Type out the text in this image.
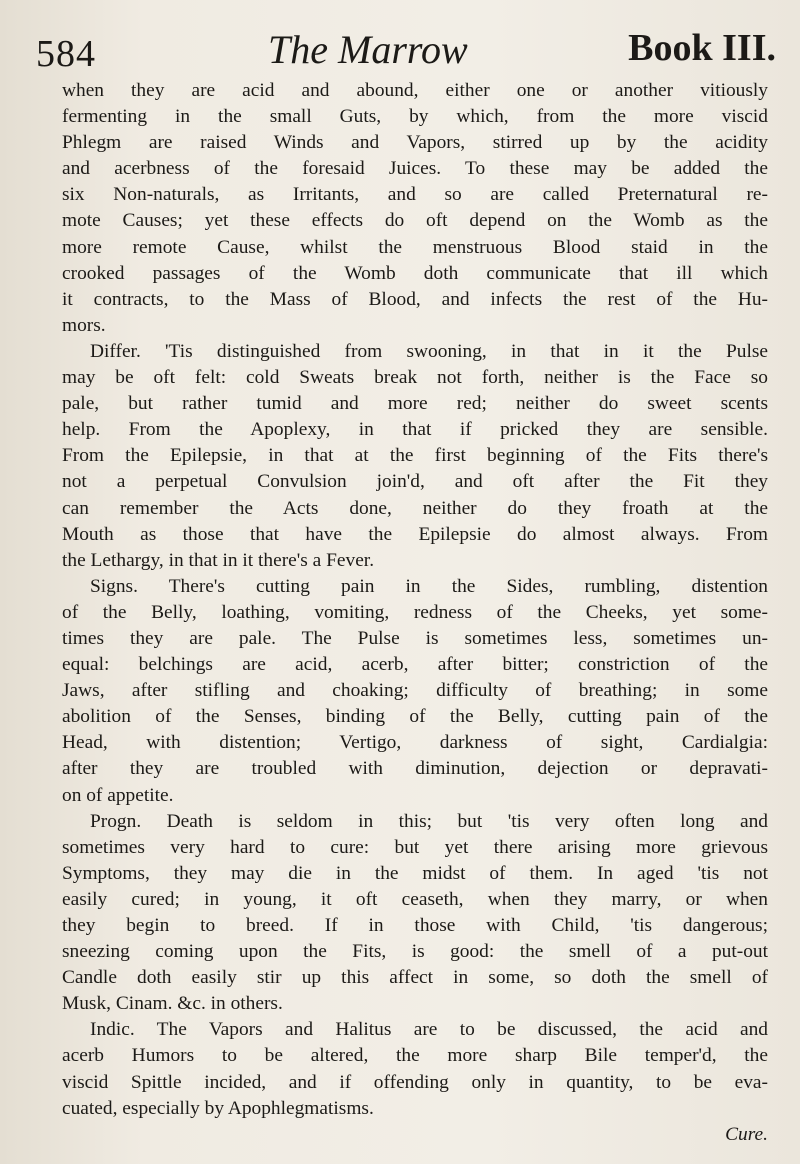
584	The Marrow	Book III.
when they are acid and abound, either one or another vitiously
fermenting in the small Guts, by which, from the more viscid
Phlegm are raised Winds and Vapors, stirred up by the acidity
and acerbness of the foresaid Juices. To these may be added the
six Non-naturals, as Irritants, and so are called Preternatural re-
mote Causes; yet these effects do oft depend on the Womb as the
more remote Cause, whilst the menstruous Blood staid in the
crooked passages of the Womb doth communicate that ill which
it contracts, to the Mass of Blood, and infects the rest of the Hu-
mors.
Differ. 'Tis distinguished from swooning, in that in it the Pulse
may be oft felt: cold Sweats break not forth, neither is the Face so
pale, but rather tumid and more red; neither do sweet scents
help. From the Apoplexy, in that if pricked they are sensible.
From the Epilepsie, in that at the first beginning of the Fits there's
not a perpetual Convulsion join'd, and oft after the Fit they
can remember the Acts done, neither do they froath at the
Mouth as those that have the Epilepsie do almost always. From
the Lethargy, in that in it there's a Fever.
Signs. There's cutting pain in the Sides, rumbling, distention
of the Belly, loathing, vomiting, redness of the Cheeks, yet some-
times they are pale. The Pulse is sometimes less, sometimes un-
equal: belchings are acid, acerb, after bitter; constriction of the
Jaws, after stifling and choaking; difficulty of breathing; in some
abolition of the Senses, binding of the Belly, cutting pain of the
Head, with distention; Vertigo, darkness of sight, Cardialgia:
after they are troubled with diminution, dejection or depravati-
on of appetite.
Progn. Death is seldom in this; but 'tis very often long and
sometimes very hard to cure: but yet there arising more grievous
Symptoms, they may die in the midst of them. In aged 'tis not
easily cured; in young, it oft ceaseth, when they marry, or when
they begin to breed. If in those with Child, 'tis dangerous;
sneezing coming upon the Fits, is good: the smell of a put-out
Candle doth easily stir up this affect in some, so doth the smell of
Musk, Cinam. &c. in others.
Indic. The Vapors and Halitus are to be discussed, the acid and
acerb Humors to be altered, the more sharp Bile temper'd, the
viscid Spittle incided, and if offending only in quantity, to be eva-
cuated, especially by Apophlegmatisms.
Cure.
